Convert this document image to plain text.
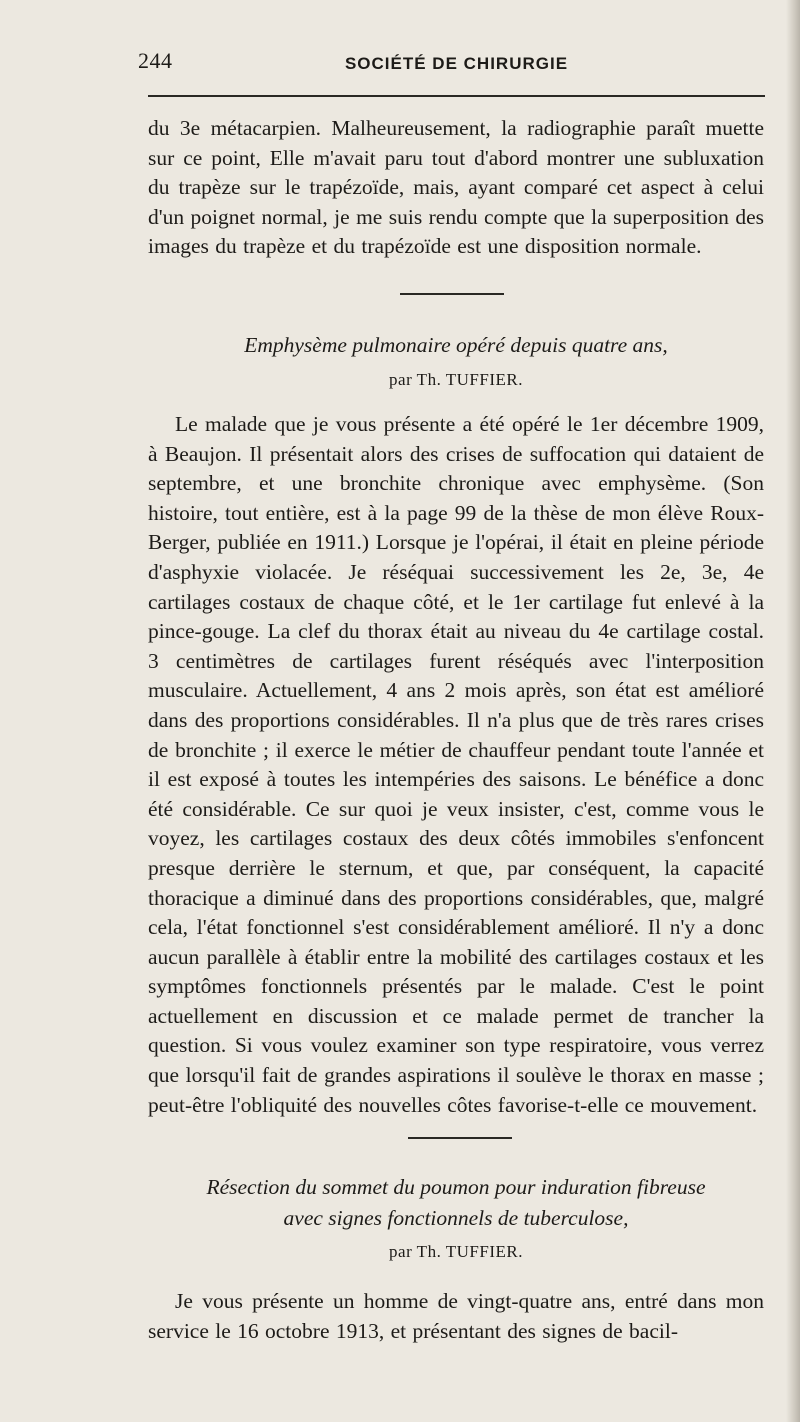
244	SOCIÉTÉ DE CHIRURGIE

du 3e métacarpien. Malheureusement, la radiographie paraît muette sur ce point, Elle m'avait paru tout d'abord montrer une subluxation du trapèze sur le trapézoïde, mais, ayant comparé cet aspect à celui d'un poignet normal, je me suis rendu compte que la superposition des images du trapèze et du trapézoïde est une disposition normale.

Emphysème pulmonaire opéré depuis quatre ans,
par Th. TUFFIER.

Le malade que je vous présente a été opéré le 1er décembre 1909, à Beaujon. Il présentait alors des crises de suffocation qui dataient de septembre, et une bronchite chronique avec emphysème. (Son histoire, tout entière, est à la page 99 de la thèse de mon élève Roux-Berger, publiée en 1911.) Lorsque je l'opérai, il était en pleine période d'asphyxie violacée. Je réséquai successivement les 2e, 3e, 4e cartilages costaux de chaque côté, et le 1er cartilage fut enlevé à la pince-gouge. La clef du thorax était au niveau du 4e cartilage costal. 3 centimètres de cartilages furent réséqués avec l'interposition musculaire. Actuellement, 4 ans 2 mois après, son état est amélioré dans des proportions considérables. Il n'a plus que de très rares crises de bronchite ; il exerce le métier de chauffeur pendant toute l'année et il est exposé à toutes les intempéries des saisons. Le bénéfice a donc été considérable. Ce sur quoi je veux insister, c'est, comme vous le voyez, les cartilages costaux des deux côtés immobiles s'enfoncent presque derrière le sternum, et que, par conséquent, la capacité thoracique a diminué dans des proportions considérables, que, malgré cela, l'état fonctionnel s'est considérablement amélioré. Il n'y a donc aucun parallèle à établir entre la mobilité des cartilages costaux et les symptômes fonctionnels présentés par le malade. C'est le point actuellement en discussion et ce malade permet de trancher la question. Si vous voulez examiner son type respiratoire, vous verrez que lorsqu'il fait de grandes aspirations il soulève le thorax en masse ; peut-être l'obliquité des nouvelles côtes favorise-t-elle ce mouvement.

Résection du sommet du poumon pour induration fibreuse
avec signes fonctionnels de tuberculose,
par Th. TUFFIER.

Je vous présente un homme de vingt-quatre ans, entré dans mon service le 16 octobre 1913, et présentant des signes de bacil-
